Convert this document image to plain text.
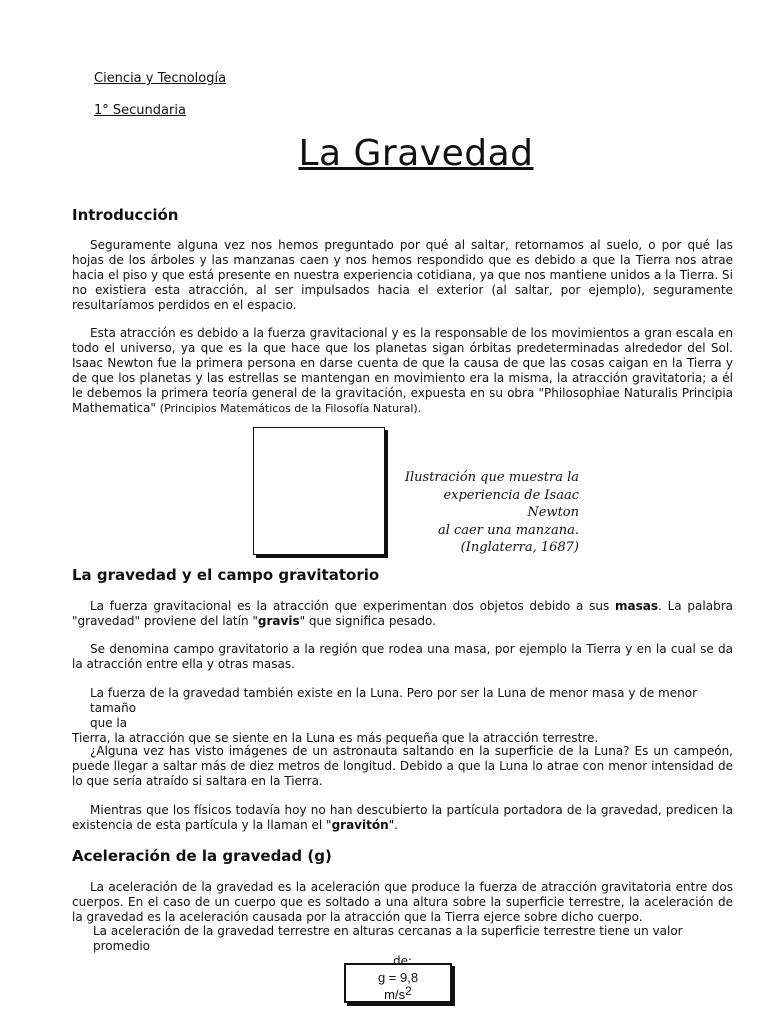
Ciencia y Tecnología
1° Secundaria
La Gravedad
Introducción
Seguramente alguna vez nos hemos preguntado por qué al saltar, retornamos al suelo, o por qué las hojas de los árboles y las manzanas caen y nos hemos respondido que es debido a que la Tierra nos atrae hacia el piso y que está presente en nuestra experiencia cotidiana, ya que nos mantiene unidos a la Tierra. Si no existiera esta atracción, al ser impulsados hacia el exterior (al saltar, por ejemplo), seguramente resultaríamos perdidos en el espacio.
Esta atracción es debido a la fuerza gravitacional y es la responsable de los movimientos a gran escala en todo el universo, ya que es la que hace que los planetas sigan órbitas predeterminadas alrededor del Sol. Isaac Newton fue la primera persona en darse cuenta de que la causa de que las cosas caigan en la Tierra y de que los planetas y las estrellas se mantengan en movimiento era la misma, la atracción gravitatoria; a él le debemos la primera teoría general de la gravitación, expuesta en su obra "Philosophiae Naturalis Principia Mathematica" (Principios Matemáticos de la Filosofía Natural).
Ilustración que muestra la
experiencia de Isaac Newton
al caer una manzana.
(Inglaterra, 1687)
La gravedad y el campo gravitatorio
La fuerza gravitacional es la atracción que experimentan dos objetos debido a sus masas. La palabra "gravedad" proviene del latín "gravis" que significa pesado.
Se denomina campo gravitatorio a la región que rodea una masa, por ejemplo la Tierra y en la cual se da la atracción entre ella y otras masas.
La fuerza de la gravedad también existe en la Luna. Pero por ser la Luna de menor masa y de menor tamaño
que la
Tierra, la atracción que se siente en la Luna es más pequeña que la atracción terrestre.
¿Alguna vez has visto imágenes de un astronauta saltando en la superficie de la Luna? Es un campeón, puede llegar a saltar más de diez metros de longitud. Debido a que la Luna lo atrae con menor intensidad de lo que sería atraído si saltara en la Tierra.
Mientras que los físicos todavía hoy no han descubierto la partícula portadora de la gravedad, predicen la existencia de esta partícula y la llaman el "gravitón".
Aceleración de la gravedad (g)
La aceleración de la gravedad es la aceleración que produce la fuerza de atracción gravitatoria entre dos cuerpos. En el caso de un cuerpo que es soltado a una altura sobre la superficie terrestre, la aceleración de la gravedad es la aceleración causada por la atracción que la Tierra ejerce sobre dicho cuerpo.
La aceleración de la gravedad terrestre en alturas cercanas a la superficie terrestre tiene un valor promedio
de:
g = 9,8
$m/s^2$
